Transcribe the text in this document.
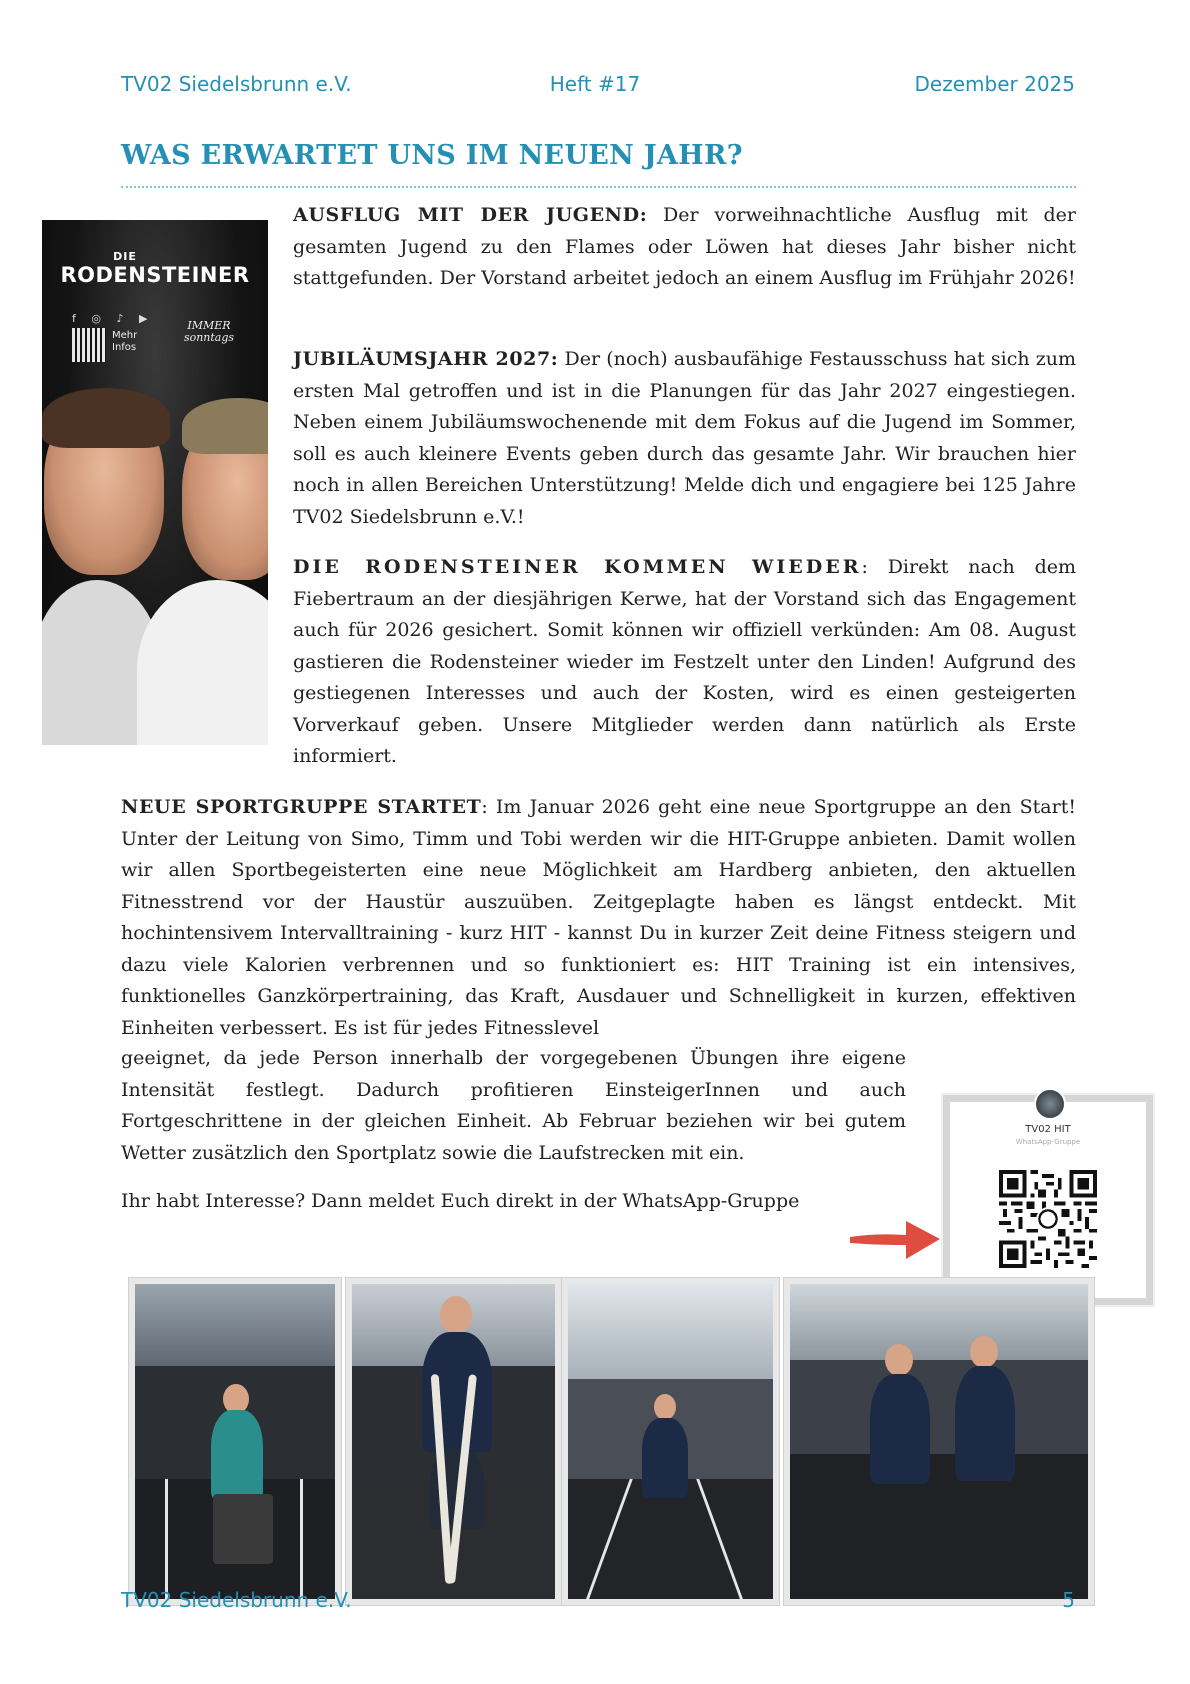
TV02 Siedelsbrunn e.V.	Heft #17	Dezember 2025
WAS ERWARTET UNS IM NEUEN JAHR?
DIE
RODENSTEINER
f ◎ ♪ ▶
Mehr Infos
IMMER sonntags

AUSFLUG MIT DER JUGEND: Der vorweihnachtliche Ausflug mit der gesamten Jugend zu den Flames oder Löwen hat dieses Jahr bisher nicht stattgefunden. Der Vorstand arbeitet jedoch an einem Ausflug im Frühjahr 2026!

JUBILÄUMSJAHR 2027: Der (noch) ausbaufähige Festausschuss hat sich zum ersten Mal getroffen und ist in die Planungen für das Jahr 2027 eingestiegen. Neben einem Jubiläumswochenende mit dem Fokus auf die Jugend im Sommer, soll es auch kleinere Events geben durch das gesamte Jahr. Wir brauchen hier noch in allen Bereichen Unterstützung! Melde dich und engagiere bei 125 Jahre TV02 Siedelsbrunn e.V.!

DIE RODENSTEINER KOMMEN WIEDER: Direkt nach dem Fiebertraum an der diesjährigen Kerwe, hat der Vorstand sich das Engagement auch für 2026 gesichert. Somit können wir offiziell verkünden: Am 08. August gastieren die Rodensteiner wieder im Festzelt unter den Linden! Aufgrund des gestiegenen Interesses und auch der Kosten, wird es einen gesteigerten Vorverkauf geben. Unsere Mitglieder werden dann natürlich als Erste informiert.

NEUE SPORTGRUPPE STARTET: Im Januar 2026 geht eine neue Sportgruppe an den Start! Unter der Leitung von Simo, Timm und Tobi werden wir die HIT-Gruppe anbieten. Damit wollen wir allen Sportbegeisterten eine neue Möglichkeit am Hardberg anbieten, den aktuellen Fitnesstrend vor der Haustür auszuüben. Zeitgeplagte haben es längst entdeckt. Mit hochintensivem Intervalltraining - kurz HIT - kannst Du in kurzer Zeit deine Fitness steigern und dazu viele Kalorien verbrennen und so funktioniert es: HIT Training ist ein intensives, funktionelles Ganzkörpertraining, das Kraft, Ausdauer und Schnelligkeit in kurzen, effektiven Einheiten verbessert. Es ist für jedes Fitnesslevel

geeignet, da jede Person innerhalb der vorgegebenen Übungen ihre eigene Intensität festlegt. Dadurch profitieren EinsteigerInnen und auch Fortgeschrittene in der gleichen Einheit. Ab Februar beziehen wir bei gutem Wetter zusätzlich den Sportplatz sowie die Laufstrecken mit ein.

Ihr habt Interesse? Dann meldet Euch direkt in der WhatsApp-Gruppe

TV02 HIT
WhatsApp-Gruppe
TV02 Siedelsbrunn e.V.	5
